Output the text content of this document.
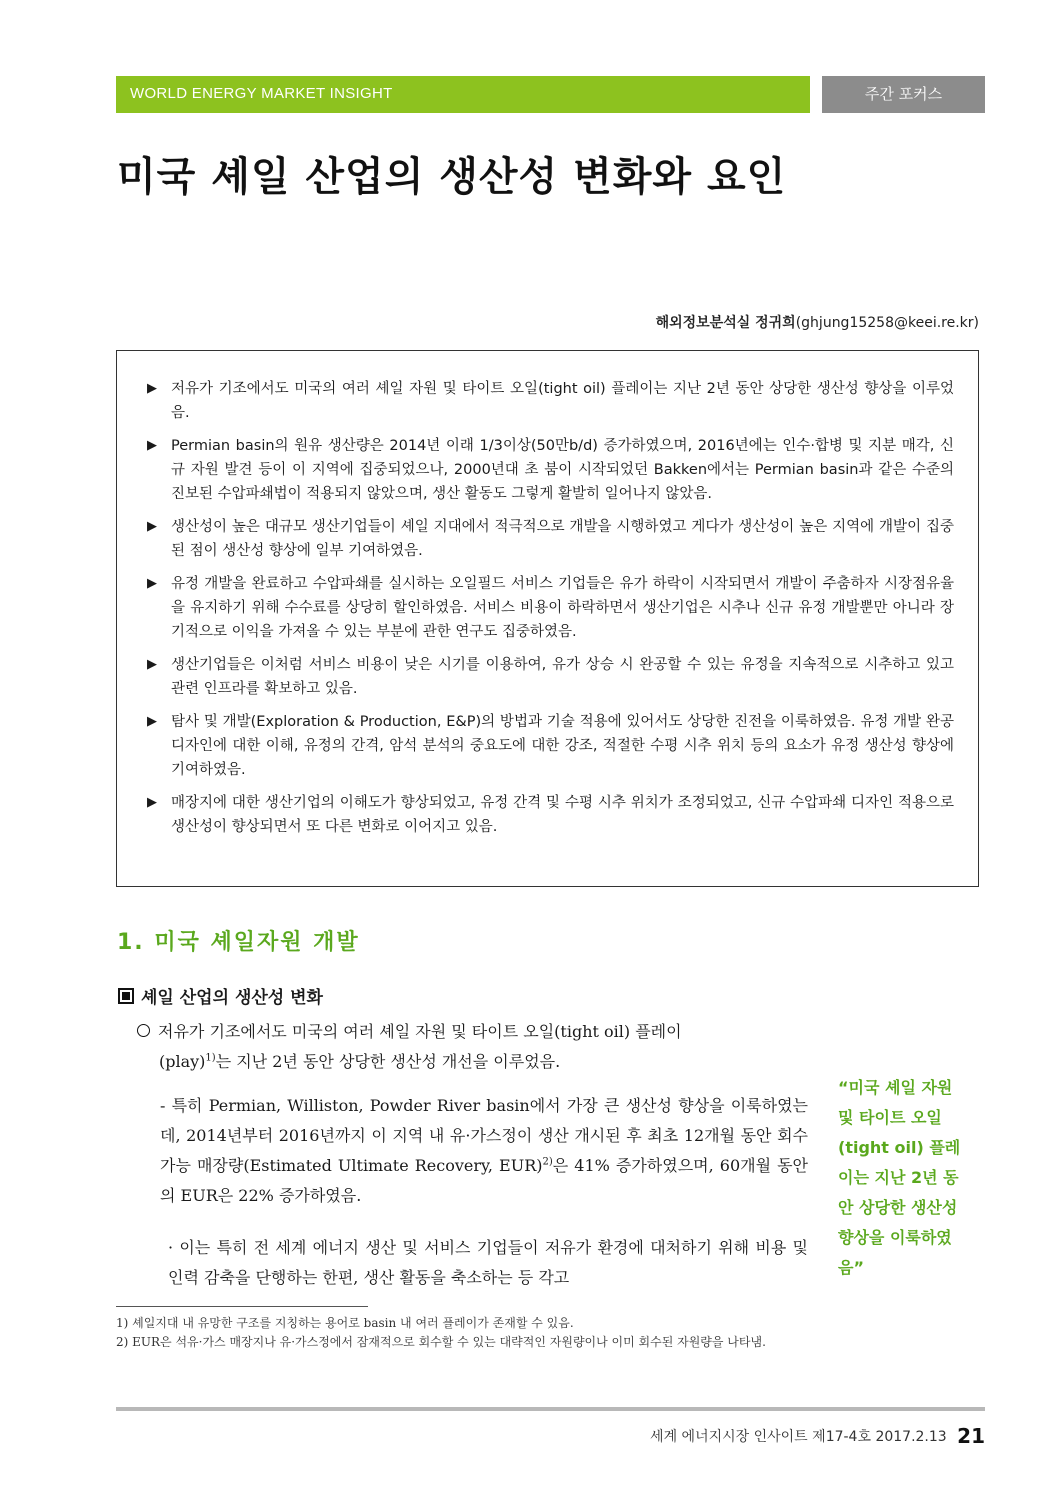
WORLD ENERGY MARKET INSIGHT	주간 포커스
미국 셰일 산업의 생산성 변화와 요인
해외정보분석실 정귀희(ghjung15258@keei.re.kr)
▶ 저유가 기조에서도 미국의 여러 셰일 자원 및 타이트 오일(tight oil) 플레이는 지난 2년 동안 상당한 생산성 향상을 이루었음.
▶ Permian basin의 원유 생산량은 2014년 이래 1/3이상(50만b/d) 증가하였으며, 2016년에는 인수·합병 및 지분 매각, 신규 자원 발견 등이 이 지역에 집중되었으나, 2000년대 초 붐이 시작되었던 Bakken에서는 Permian basin과 같은 수준의 진보된 수압파쇄법이 적용되지 않았으며, 생산 활동도 그렇게 활발히 일어나지 않았음.
▶ 생산성이 높은 대규모 생산기업들이 셰일 지대에서 적극적으로 개발을 시행하였고 게다가 생산성이 높은 지역에 개발이 집중된 점이 생산성 향상에 일부 기여하였음.
▶ 유정 개발을 완료하고 수압파쇄를 실시하는 오일필드 서비스 기업들은 유가 하락이 시작되면서 개발이 주춤하자 시장점유율을 유지하기 위해 수수료를 상당히 할인하였음. 서비스 비용이 하락하면서 생산기업은 시추나 신규 유정 개발뿐만 아니라 장기적으로 이익을 가져올 수 있는 부분에 관한 연구도 집중하였음.
▶ 생산기업들은 이처럼 서비스 비용이 낮은 시기를 이용하여, 유가 상승 시 완공할 수 있는 유정을 지속적으로 시추하고 있고 관련 인프라를 확보하고 있음.
▶ 탐사 및 개발(Exploration & Production, E&P)의 방법과 기술 적용에 있어서도 상당한 진전을 이룩하였음. 유정 개발 완공 디자인에 대한 이해, 유정의 간격, 암석 분석의 중요도에 대한 강조, 적절한 수평 시추 위치 등의 요소가 유정 생산성 향상에 기여하였음.
▶ 매장지에 대한 생산기업의 이해도가 향상되었고, 유정 간격 및 수평 시추 위치가 조정되었고, 신규 수압파쇄 디자인 적용으로 생산성이 향상되면서 또 다른 변화로 이어지고 있음.
1. 미국 셰일자원 개발
셰일 산업의 생산성 변화
저유가 기조에서도 미국의 여러 셰일 자원 및 타이트 오일(tight oil) 플레이
(play)$^{1)}$는 지난 2년 동안 상당한 생산성 개선을 이루었음.
- 특히 Permian, Williston, Powder River basin에서 가장 큰 생산성 향상을 이룩하였는데, 2014년부터 2016년까지 이 지역 내 유·가스정이 생산 개시된 후 최초 12개월 동안 회수가능 매장량(Estimated Ultimate Recovery, EUR)$^{2)}$은 41% 증가하였으며, 60개월 동안의 EUR은 22% 증가하였음.
· 이는 특히 전 세계 에너지 생산 및 서비스 기업들이 저유가 환경에 대처하기 위해 비용 및 인력 감축을 단행하는 한편, 생산 활동을 축소하는 등 각고
“미국 셰일 자원 및 타이트 오일(tight oil) 플레이는 지난 2년 동안 상당한 생산성 향상을 이룩하였음”

1) 셰일지대 내 유망한 구조를 지칭하는 용어로 basin 내 여러 플레이가 존재할 수 있음.

2) EUR은 석유·가스 매장지나 유·가스정에서 잠재적으로 회수할 수 있는 대략적인 자원량이나 이미 회수된 자원량을 나타냄.

세계 에너지시장 인사이트 제17-4호 2017.2.13 21
